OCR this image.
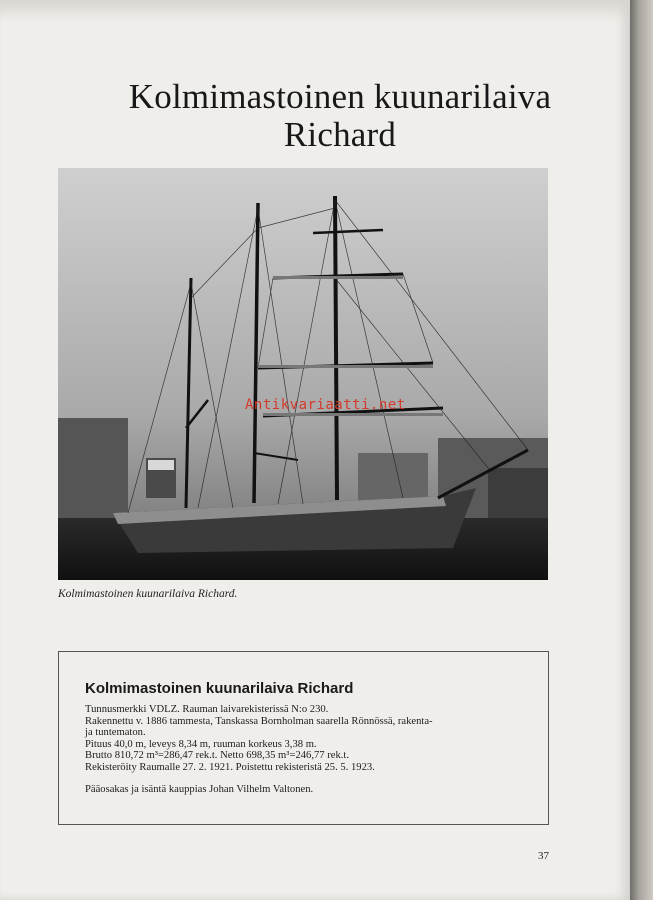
Kolmimastoinen kuunarilaiva
Richard
Antikvariaatti.net
Kolmimastoinen kuunarilaiva Richard.
Kolmimastoinen kuunarilaiva Richard
Tunnusmerkki VDLZ. Rauman laivarekisterissä N:o 230.
Rakennettu v. 1886 tammesta, Tanskassa Bornholman saarella Rönnössä, rakenta-
ja tuntematon.
Pituus 40,0 m, leveys 8,34 m, ruuman korkeus 3,38 m.
Brutto 810,72 m³=286,47 rek.t. Netto 698,35 m³=246,77 rek.t.
Rekisteröity Raumalle 27. 2. 1921. Poistettu rekisteristä 25. 5. 1923.
Pääosakas ja isäntä kauppias Johan Vilhelm Valtonen.
37
